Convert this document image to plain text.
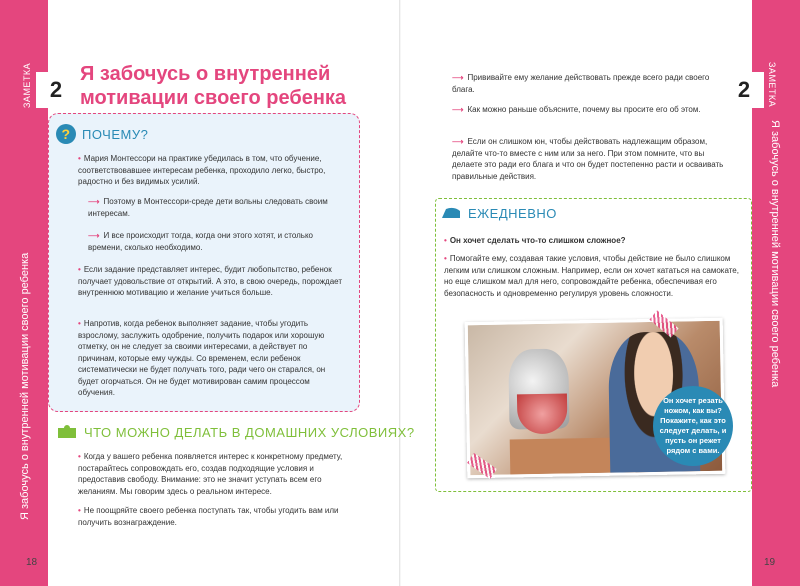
ЗАМЕТКА
Я забочусь о внутренней мотивации своего ребенка
2
18
Я забочусь о внутренней мотивации своего ребенка
? ПОЧЕМУ?
• Мария Монтессори на практике убедилась в том, что обучение, соответствовавшее интересам ребенка, проходило легко, быстро, радостно и без видимых усилий.
⟶ Поэтому в Монтессори-среде дети вольны следовать своим интересам.
⟶ И все происходит тогда, когда они этого хотят, и столько времени, сколько необходимо.
• Если задание представляет интерес, будит любопытство, ребенок получает удовольствие от открытий. А это, в свою очередь, порождает внутреннюю мотивацию и желание учиться больше.
• Напротив, когда ребенок выполняет задание, чтобы угодить взрослому, заслужить одобрение, получить подарок или хорошую отметку, он не следует за своими интересами, а действует по причинам, которые ему чужды. Со временем, если ребенок систематически не будет получать того, ради чего он старался, он будет огорчаться. Он не будет мотивирован самим процессом обучения.
ЧТО МОЖНО ДЕЛАТЬ В ДОМАШНИХ УСЛОВИЯХ?
• Когда у вашего ребенка появляется интерес к конкретному предмету, постарайтесь сопровождать его, создав подходящие условия и предоставив свободу. Внимание: это не значит уступать всем его желаниям. Мы говорим здесь о реальном интересе.
• Не поощряйте своего ребенка поступать так, чтобы угодить вам или получить вознаграждение.
ЗАМЕТКА
Я забочусь о внутренней мотивации своего ребенка
2
19
⟶ Прививайте ему желание действовать прежде всего ради своего блага.
⟶ Как можно раньше объясните, почему вы просите его об этом.
⟶ Если он слишком юн, чтобы действовать надлежащим образом, делайте что-то вместе с ним или за него. При этом помните, что вы делаете это ради его блага и что он будет постепенно расти и осваивать правильные действия.
ЕЖЕДНЕВНО
• Он хочет сделать что-то слишком сложное?
• Помогайте ему, создавая такие условия, чтобы действие не было слишком легким или слишком сложным. Например, если он хочет кататься на самокате, но еще слишком мал для него, сопровождайте ребенка, обеспечивая его безопасность и одновременно регулируя уровень сложности.
Он хочет резать ножом, как вы? Покажите, как это следует делать, и пусть он режет рядом с вами.
